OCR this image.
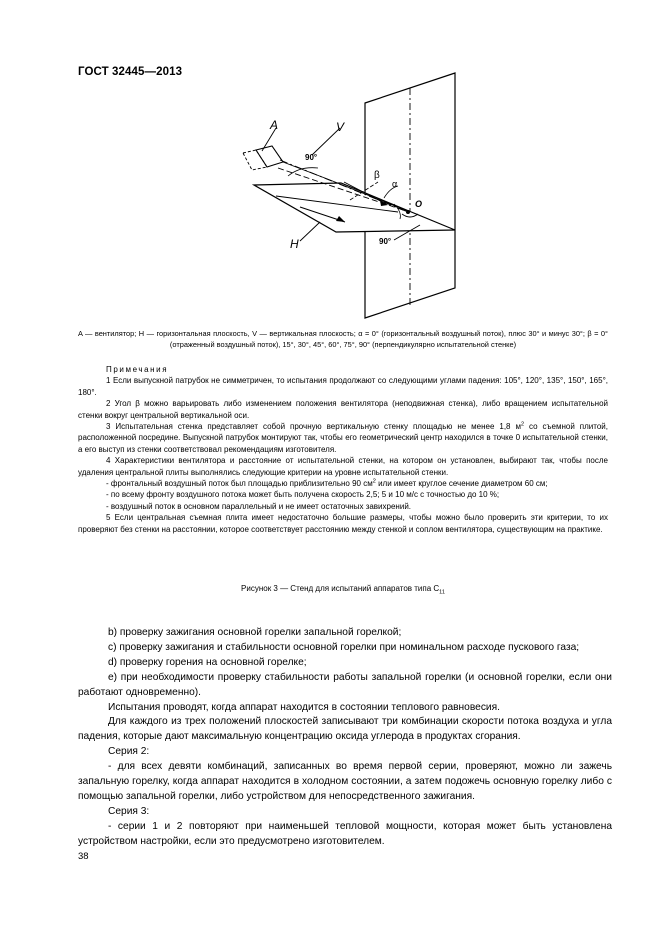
ГОСТ 32445—2013
A	V
H
O
β
α
90°
90°
A — вентилятор; H — горизонтальная плоскость, V — вертикальная плоскость; α = 0° (горизонтальный воздушный поток), плюс 30° и минус 30°; β = 0° (отраженный воздушный поток), 15°, 30°, 45°, 60°, 75°, 90° (перпендикулярно испытательной стенке)

Примечания

1 Если выпускной патрубок не симметричен, то испытания продолжают со следующими углами падения: 105°, 120°, 135°, 150°, 165°, 180°.

2 Угол β можно варьировать либо изменением положения вентилятора (неподвижная стенка), либо вращением испытательной стенки вокруг центральной вертикальной оси.

3 Испытательная стенка представляет собой прочную вертикальную стенку площадью не менее 1,8 $м^2$ со съемной плитой, расположенной посредине. Выпускной патрубок монтируют так, чтобы его геометрический центр находился в точке 0 испытательной стенки, а его выступ из стенки соответствовал рекомендациям изготовителя.

4 Характеристики вентилятора и расстояние от испытательной стенки, на котором он установлен, выбирают так, чтобы после удаления центральной плиты выполнялись следующие критерии на уровне испытательной стенки.

- фронтальный воздушный поток был площадью приблизительно 90 $см^2$ или имеет круглое сечение диаметром 60 см;

- по всему фронту воздушного потока может быть получена скорость 2,5; 5 и 10 м/с с точностью до 10 %;

- воздушный поток в основном параллельный и не имеет остаточных завихрений.

5 Если центральная съемная плита имеет недостаточно большие размеры, чтобы можно было проверить эти критерии, то их проверяют без стенки на расстоянии, которое соответствует расстоянию между стенкой и соплом вентилятора, существующим на практике.

Рисунок 3 — Стенд для испытаний аппаратов типа $C_{11}$

b) проверку зажигания основной горелки запальной горелкой;

c) проверку зажигания и стабильности основной горелки при номинальном расходе пускового газа;

d) проверку горения на основной горелке;

e) при необходимости проверку стабильности работы запальной горелки (и основной горелки, если они работают одновременно).

Испытания проводят, когда аппарат находится в состоянии теплового равновесия.

Для каждого из трех положений плоскостей записывают три комбинации скорости потока воздуха и угла падения, которые дают максимальную концентрацию оксида углерода в продуктах сгорания.

Серия 2:

- для всех девяти комбинаций, записанных во время первой серии, проверяют, можно ли зажечь запальную горелку, когда аппарат находится в холодном состоянии, а затем подожечь основную горелку либо с помощью запальной горелки, либо устройством для непосредственного зажигания.

Серия 3:

- серии 1 и 2 повторяют при наименьшей тепловой мощности, которая может быть установлена устройством настройки, если это предусмотрено изготовителем.

38
